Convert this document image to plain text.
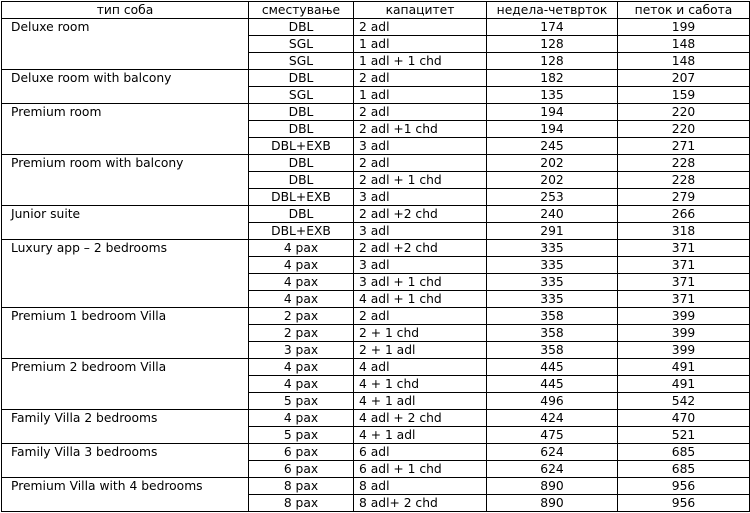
тип соба	сместување	капацитет	недела-четврток	петок и сабота
Deluxe room	DBL	2 adl	174	199
	SGL	1 adl	128	148
	SGL	1 adl + 1 chd	128	148
Deluxe room with balcony	DBL	2 adl	182	207
	SGL	1 adl	135	159
Premium room	DBL	2 adl	194	220
	DBL	2 adl +1 chd	194	220
	DBL+EXB	3 adl	245	271
Premium room with balcony	DBL	2 adl	202	228
	DBL	2 adl + 1 chd	202	228
	DBL+EXB	3 adl	253	279
Junior suite	DBL	2 adl +2 chd	240	266
	DBL+EXB	3 adl	291	318
Luxury app – 2 bedrooms	4 pax	2 adl +2 chd	335	371
	4 pax	3 adl	335	371
	4 pax	3 adl + 1 chd	335	371
	4 pax	4 adl + 1 chd	335	371
Premium 1 bedroom Villa	2 pax	2 adl	358	399
	2 pax	2 + 1 chd	358	399
	3 pax	2 + 1 adl	358	399
Premium 2 bedroom Villa	4 pax	4 adl	445	491
	4 pax	4 + 1 chd	445	491
	5 pax	4 + 1 adl	496	542
Family Villa 2 bedrooms	4 pax	4 adl + 2 chd	424	470
	5 pax	4 + 1 adl	475	521
Family Villa 3 bedrooms	6 pax	6 adl	624	685
	6 pax	6 adl + 1 chd	624	685
Premium Villa with 4 bedrooms	8 pax	8 adl	890	956
	8 pax	8 adl+ 2 chd	890	956
